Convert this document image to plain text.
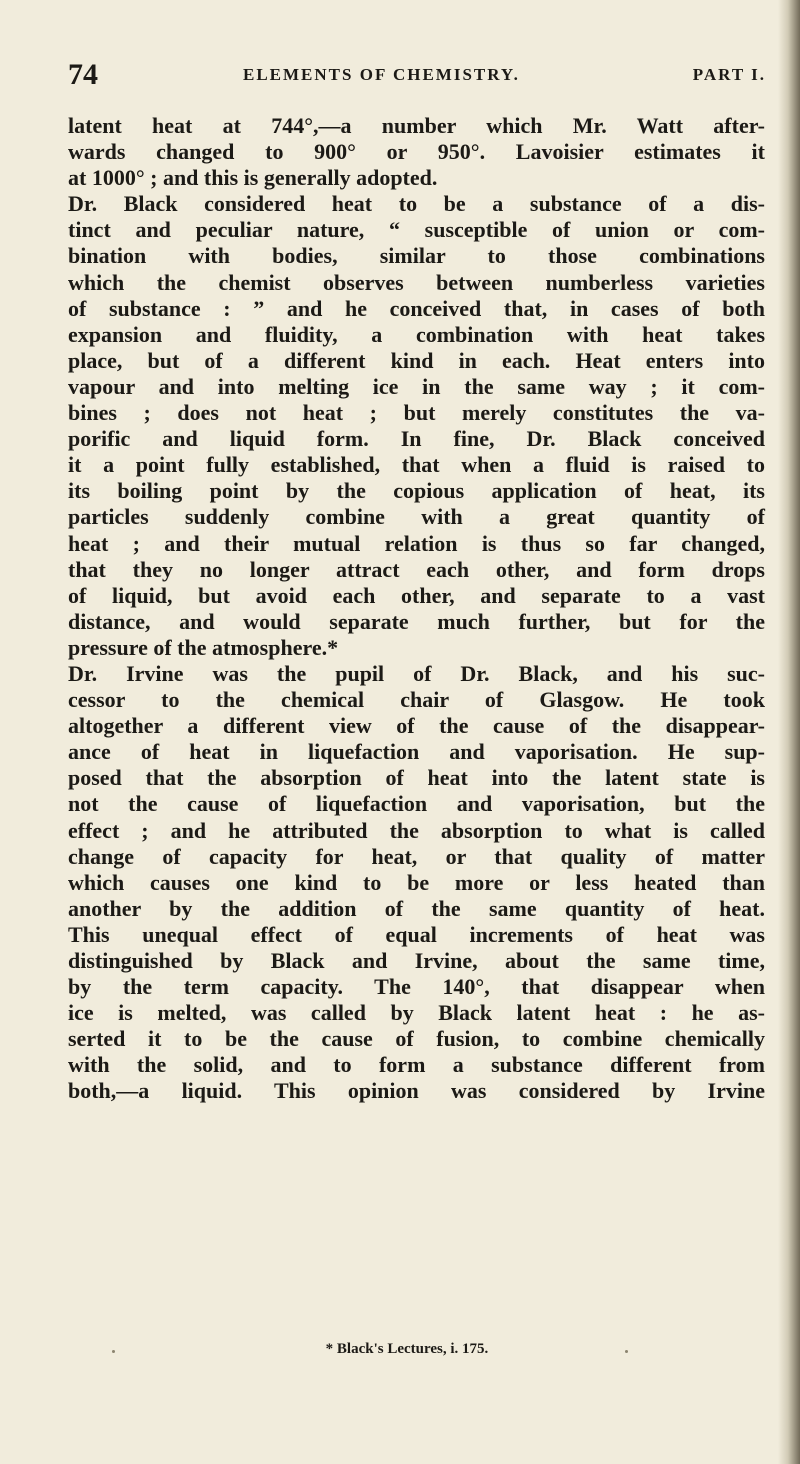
74	ELEMENTS OF CHEMISTRY.	PART I.
latent heat at 744°,—a number which Mr. Watt after-
wards changed to 900° or 950°. Lavoisier estimates it
at 1000° ; and this is generally adopted.
Dr. Black considered heat to be a substance of a dis-
tinct and peculiar nature, “ susceptible of union or com-
bination with bodies, similar to those combinations
which the chemist observes between numberless varieties
of substance : ” and he conceived that, in cases of both
expansion and fluidity, a combination with heat takes
place, but of a different kind in each. Heat enters into
vapour and into melting ice in the same way ; it com-
bines ; does not heat ; but merely constitutes the va-
porific and liquid form. In fine, Dr. Black conceived
it a point fully established, that when a fluid is raised to
its boiling point by the copious application of heat, its
particles suddenly combine with a great quantity of
heat ; and their mutual relation is thus so far changed,
that they no longer attract each other, and form drops
of liquid, but avoid each other, and separate to a vast
distance, and would separate much further, but for the
pressure of the atmosphere.*
Dr. Irvine was the pupil of Dr. Black, and his suc-
cessor to the chemical chair of Glasgow. He took
altogether a different view of the cause of the disappear-
ance of heat in liquefaction and vaporisation. He sup-
posed that the absorption of heat into the latent state is
not the cause of liquefaction and vaporisation, but the
effect ; and he attributed the absorption to what is called
change of capacity for heat, or that quality of matter
which causes one kind to be more or less heated than
another by the addition of the same quantity of heat.
This unequal effect of equal increments of heat was
distinguished by Black and Irvine, about the same time,
by the term capacity. The 140°, that disappear when
ice is melted, was called by Black latent heat : he as-
serted it to be the cause of fusion, to combine chemically
with the solid, and to form a substance different from
both,—a liquid. This opinion was considered by Irvine
* Black's Lectures, i. 175.
